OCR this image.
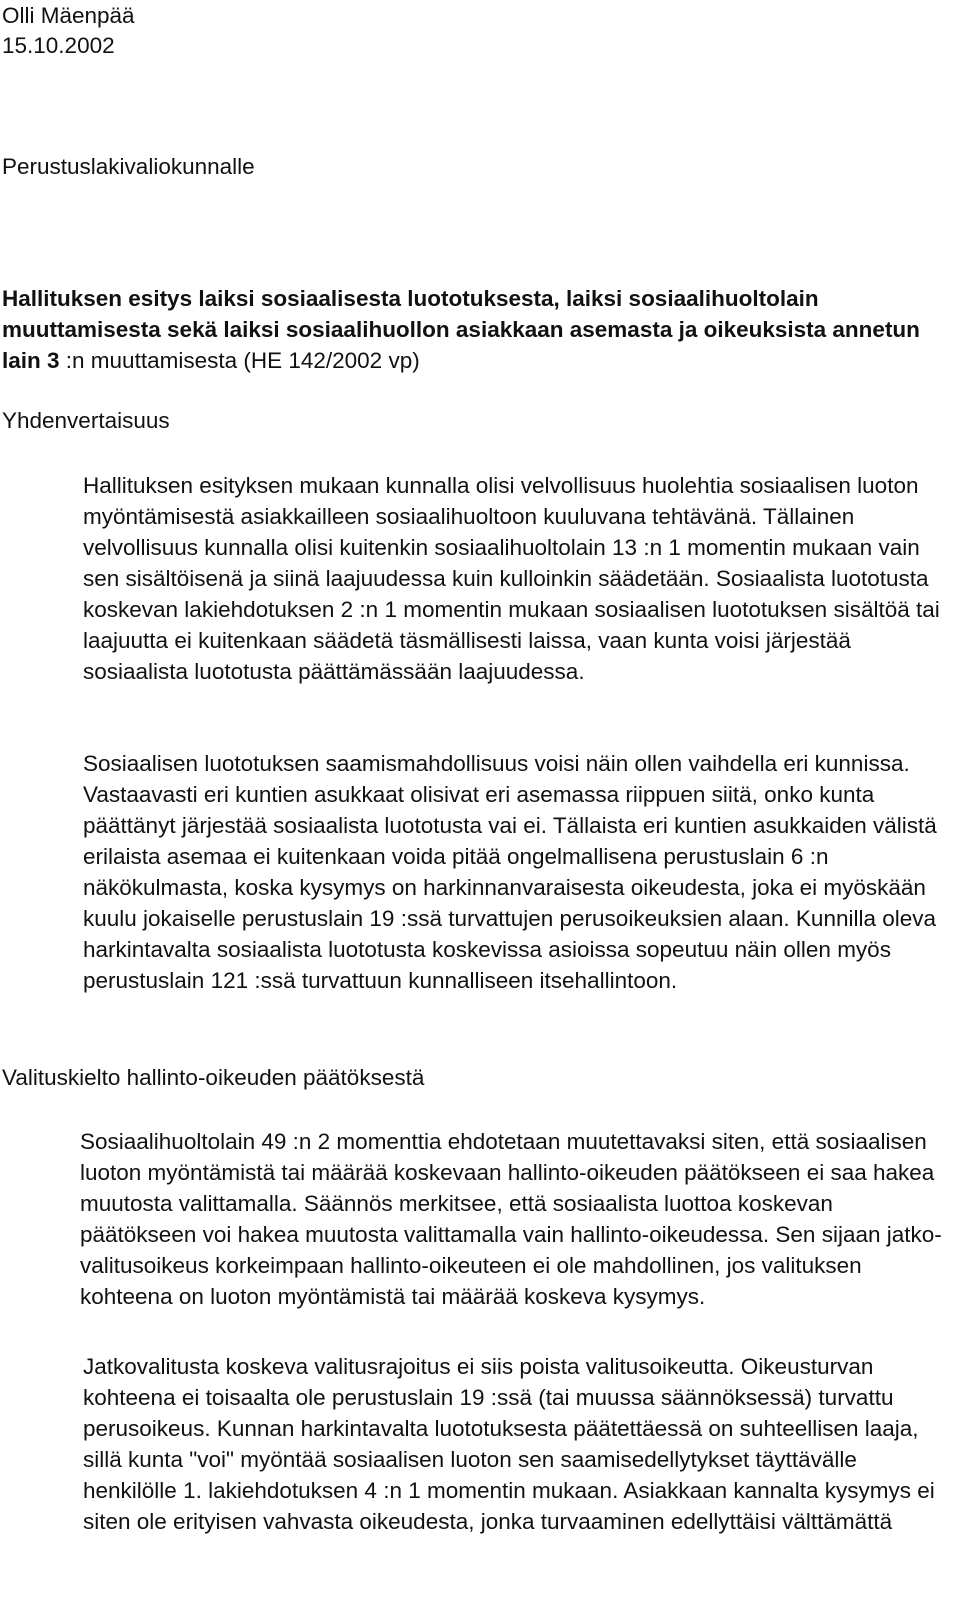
Olli Mäenpää
15.10.2002
Perustuslakivaliokunnalle
Hallituksen esitys laiksi sosiaalisesta luototuksesta, laiksi sosiaalihuoltolain muuttamisesta sekä laiksi sosiaalihuollon asiakkaan asemasta ja oikeuksista annetun lain 3 :n muuttamisesta (HE 142/2002 vp)
Yhdenvertaisuus

Hallituksen esityksen mukaan kunnalla olisi velvollisuus huolehtia sosiaalisen luoton myöntämisestä asiakkailleen sosiaalihuoltoon kuuluvana tehtävänä. Tällainen velvollisuus kunnalla olisi kuitenkin sosiaalihuoltolain 13 :n 1 momentin mukaan vain sen sisältöisenä ja siinä laajuudessa kuin kulloinkin säädetään. Sosiaalista luototusta koskevan lakiehdotuksen 2 :n 1 momentin mukaan sosiaalisen luototuksen sisältöä tai laajuutta ei kuitenkaan säädetä täsmällisesti laissa, vaan kunta voisi järjestää sosiaalista luototusta päättämässään laajuudessa.

Sosiaalisen luototuksen saamismahdollisuus voisi näin ollen vaihdella eri kunnissa. Vastaavasti eri kuntien asukkaat olisivat eri asemassa riippuen siitä, onko kunta päättänyt järjestää sosiaalista luototusta vai ei. Tällaista eri kuntien asukkaiden välistä erilaista asemaa ei kuitenkaan voida pitää ongelmallisena perustuslain 6 :n näkökulmasta, koska kysymys on harkinnanvaraisesta oikeudesta, joka ei myöskään kuulu jokaiselle perustuslain 19 :ssä turvattujen perusoikeuksien alaan. Kunnilla oleva harkintavalta sosiaalista luototusta koskevissa asioissa sopeutuu näin ollen myös perustuslain 121 :ssä turvattuun kunnalliseen itsehallintoon.

Valituskielto hallinto-oikeuden päätöksestä

Sosiaalihuoltolain 49 :n 2 momenttia ehdotetaan muutettavaksi siten, että sosiaalisen luoton myöntämistä tai määrää koskevaan hallinto-oikeuden päätökseen ei saa hakea muutosta valittamalla. Säännös merkitsee, että sosiaalista luottoa koskevan päätökseen voi hakea muutosta valittamalla vain hallinto-oikeudessa. Sen sijaan jatko-valitusoikeus korkeimpaan hallinto-oikeuteen ei ole mahdollinen, jos valituksen kohteena on luoton myöntämistä tai määrää koskeva kysymys.

Jatkovalitusta koskeva valitusrajoitus ei siis poista valitusoikeutta. Oikeusturvan kohteena ei toisaalta ole perustuslain 19 :ssä (tai muussa säännöksessä) turvattu perusoikeus. Kunnan harkintavalta luototuksesta päätettäessä on suhteellisen laaja, sillä kunta "voi" myöntää sosiaalisen luoton sen saamisedellytykset täyttävälle henkilölle 1. lakiehdotuksen 4 :n 1 momentin mukaan. Asiakkaan kannalta kysymys ei siten ole erityisen vahvasta oikeudesta, jonka turvaaminen edellyttäisi välttämättä
